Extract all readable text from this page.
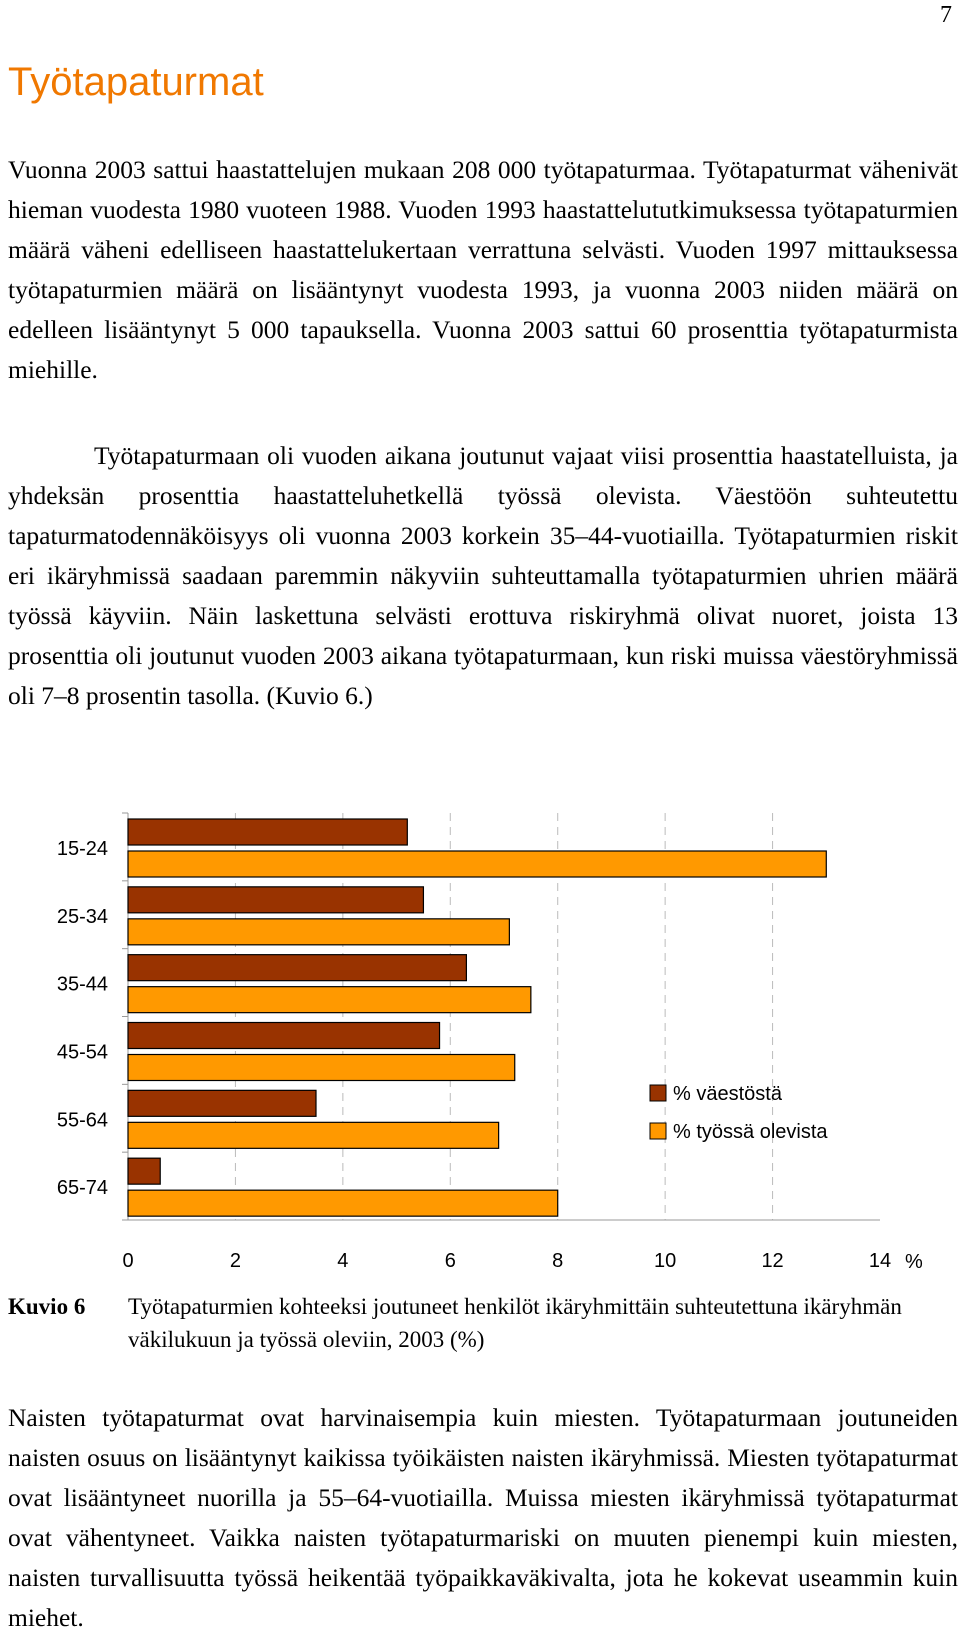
7
Työtapaturmat

Vuonna 2003 sattui haastattelujen mukaan 208 000 työtapaturmaa. Työtapaturmat vähenivät hieman vuodesta 1980 vuoteen 1988. Vuoden 1993 haastattelututkimuksessa työtapaturmien määrä väheni edelliseen haastattelukertaan verrattuna selvästi. Vuoden 1997 mittauksessa työtapaturmien määrä on lisääntynyt vuodesta 1993, ja vuonna 2003 niiden määrä on edelleen lisääntynyt 5 000 tapauksella. Vuonna 2003 sattui 60 prosenttia työtapaturmista miehille.

Työtapaturmaan oli vuoden aikana joutunut vajaat viisi prosenttia haastatelluista, ja yhdeksän prosenttia haastatteluhetkellä työssä olevista. Väestöön suhteutettu tapaturmatodennäköisyys oli vuonna 2003 korkein 35–44-vuotiailla. Työtapaturmien riskit eri ikäryhmissä saadaan paremmin näkyviin suhteuttamalla työtapaturmien uhrien määrä työssä käyviin. Näin laskettuna selvästi erottuva riskiryhmä olivat nuoret, joista 13 prosenttia oli joutunut vuoden 2003 aikana työtapaturmaan, kun riski muissa väestöryhmissä oli 7–8 prosentin tasolla. (Kuvio 6.)

15-24
25-34
35-44
45-54
55-64
65-74
0	2	4	6	8	10	12	14 %
% väestöstä
% työssä olevista
Kuvio 6 Työtapaturmien kohteeksi joutuneet henkilöt ikäryhmittäin suhteutettuna ikäryhmän väkilukuun ja työssä oleviin, 2003 (%)

Naisten työtapaturmat ovat harvinaisempia kuin miesten. Työtapaturmaan joutuneiden naisten osuus on lisääntynyt kaikissa työikäisten naisten ikäryhmissä. Miesten työtapaturmat ovat lisääntyneet nuorilla ja 55–64-vuotiailla. Muissa miesten ikäryhmissä työtapaturmat ovat vähentyneet. Vaikka naisten työtapaturmariski on muuten pienempi kuin miesten, naisten turvallisuutta työssä heikentää työpaikkaväkivalta, jota he kokevat useammin kuin miehet.
